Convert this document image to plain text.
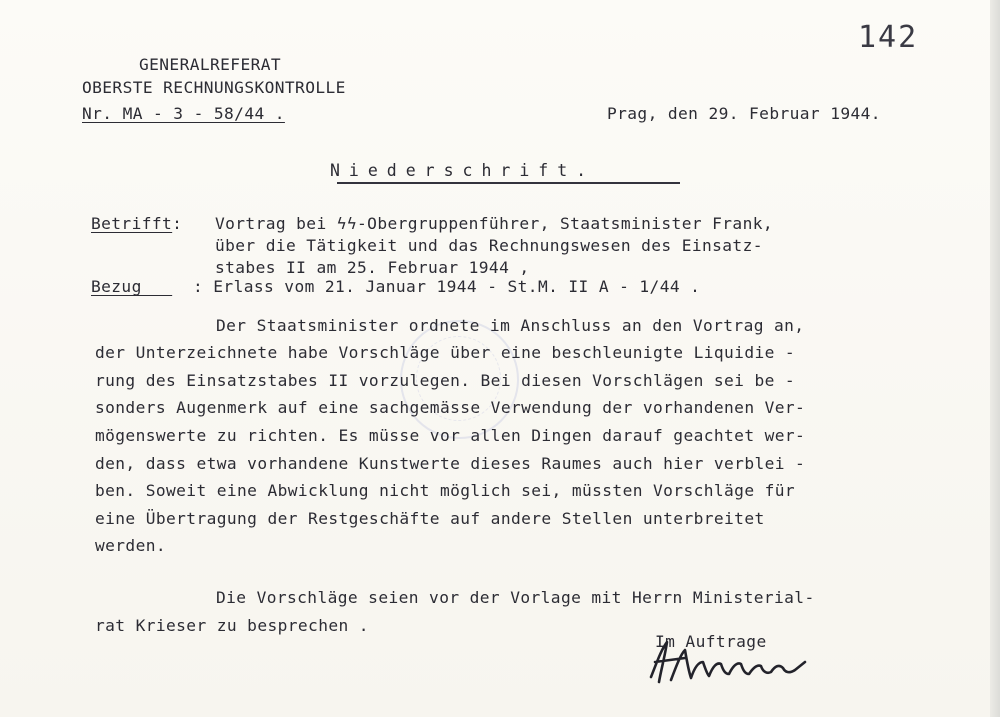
142
GENERALREFERAT
OBERSTE RECHNUNGSKONTROLLE
Nr. MA - 3 - 58/44 .	Prag, den 29. Februar 1944.
Niederschrift.
Betrifft: Vortrag bei ϟϟ-Obergruppenführer, Staatsminister Frank,
über die Tätigkeit und das Rechnungswesen des Einsatz-
stabes II am 25. Februar 1944 ,
Bezug : Erlass vom 21. Januar 1944 - St.M. II A - 1/44 .
Der Staatsminister ordnete im Anschluss an den Vortrag an,
der Unterzeichnete habe Vorschläge über eine beschleunigte Liquidie -
rung des Einsatzstabes II vorzulegen. Bei diesen Vorschlägen sei be -
sonders Augenmerk auf eine sachgemässe Verwendung der vorhandenen Ver-
mögenswerte zu richten. Es müsse vor allen Dingen darauf geachtet wer-
den, dass etwa vorhandene Kunstwerte dieses Raumes auch hier verblei -
ben. Soweit eine Abwicklung nicht möglich sei, müssten Vorschläge für
eine Übertragung der Restgeschäfte auf andere Stellen unterbreitet
werden.
Die Vorschläge seien vor der Vorlage mit Herrn Ministerial-
rat Krieser zu besprechen .
Im Auftrage
